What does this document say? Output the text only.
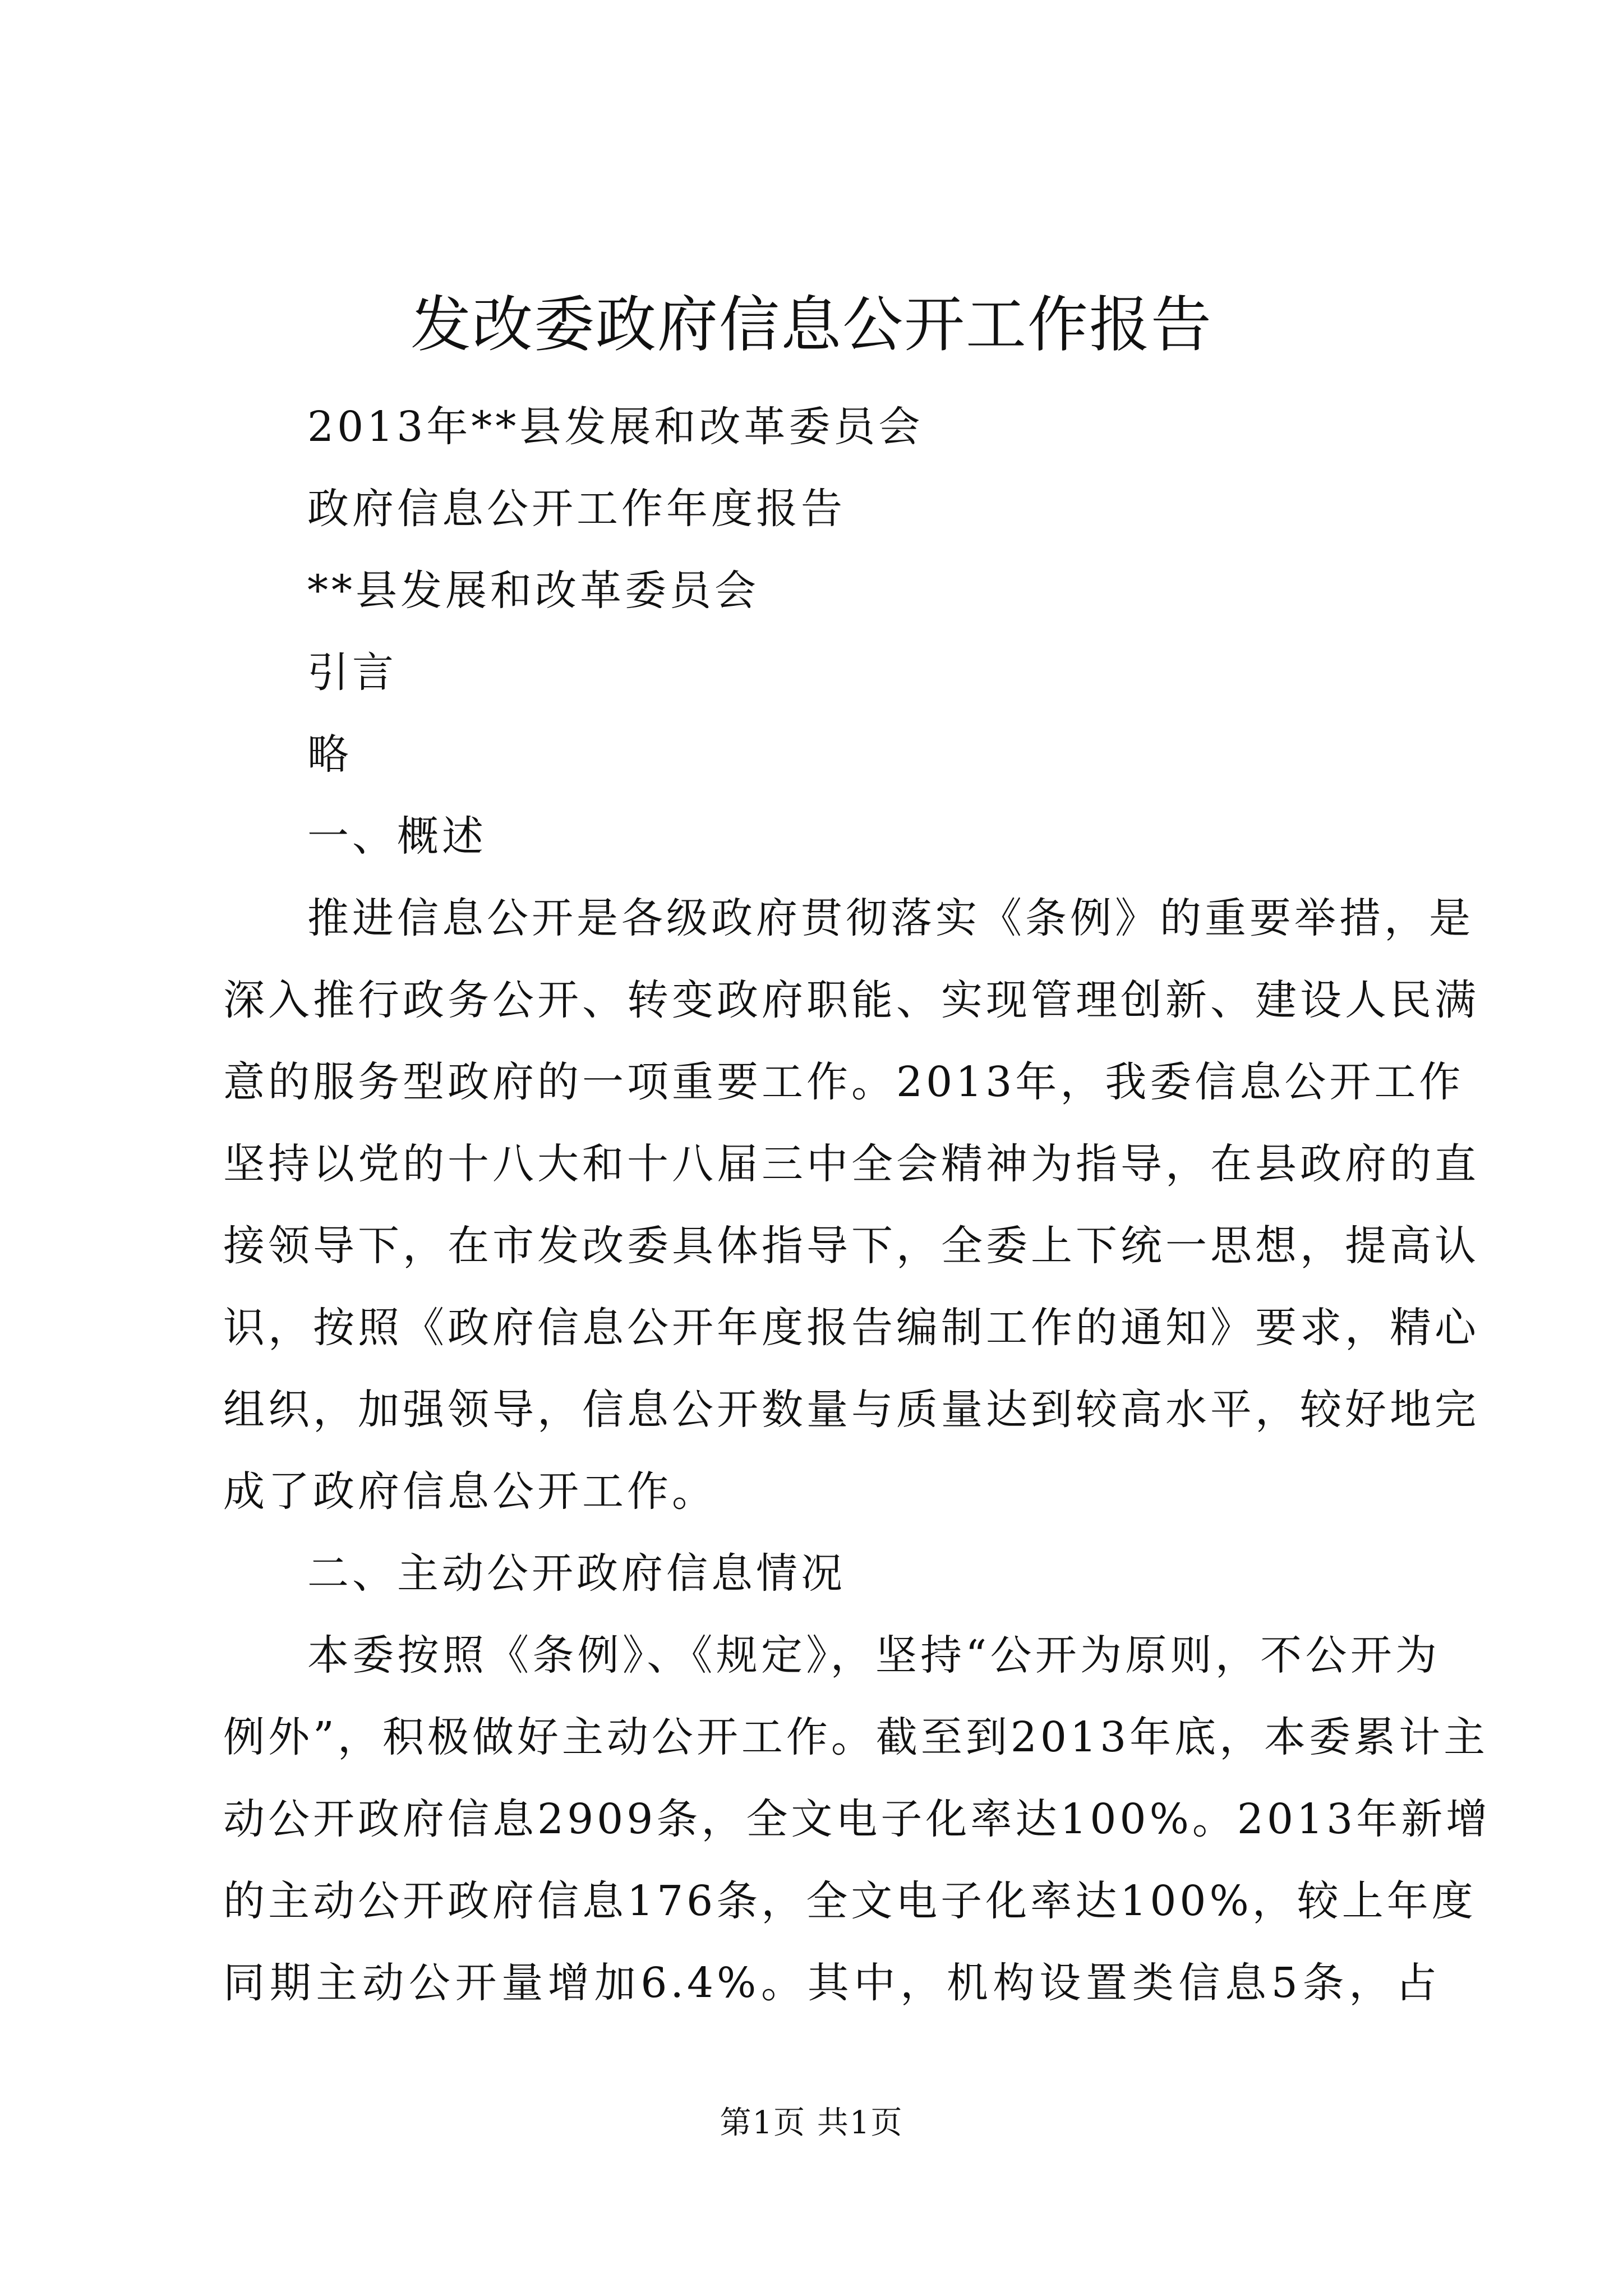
发改委政府信息公开工作报告
2013年**县发展和改革委员会
政府信息公开工作年度报告
**县发展和改革委员会
引言
略
一、概述
推进信息公开是各级政府贯彻落实《条例》的重要举措，是
深入推行政务公开、转变政府职能、实现管理创新、建设人民满
意的服务型政府的一项重要工作。2013年，我委信息公开工作
坚持以党的十八大和十八届三中全会精神为指导，在县政府的直
接领导下，在市发改委具体指导下，全委上下统一思想，提高认
识，按照《政府信息公开年度报告编制工作的通知》要求，精心
组织，加强领导，信息公开数量与质量达到较高水平，较好地完
成了政府信息公开工作。
二、主动公开政府信息情况
本委按照《条例》、《规定》，坚持“公开为原则，不公开为
例外”，积极做好主动公开工作。截至到2013年底，本委累计主
动公开政府信息2909条，全文电子化率达100%。2013年新增
的主动公开政府信息176条，全文电子化率达100%，较上年度
同期主动公开量增加6.4%。其中，机构设置类信息5条，占
第1页 共1页
